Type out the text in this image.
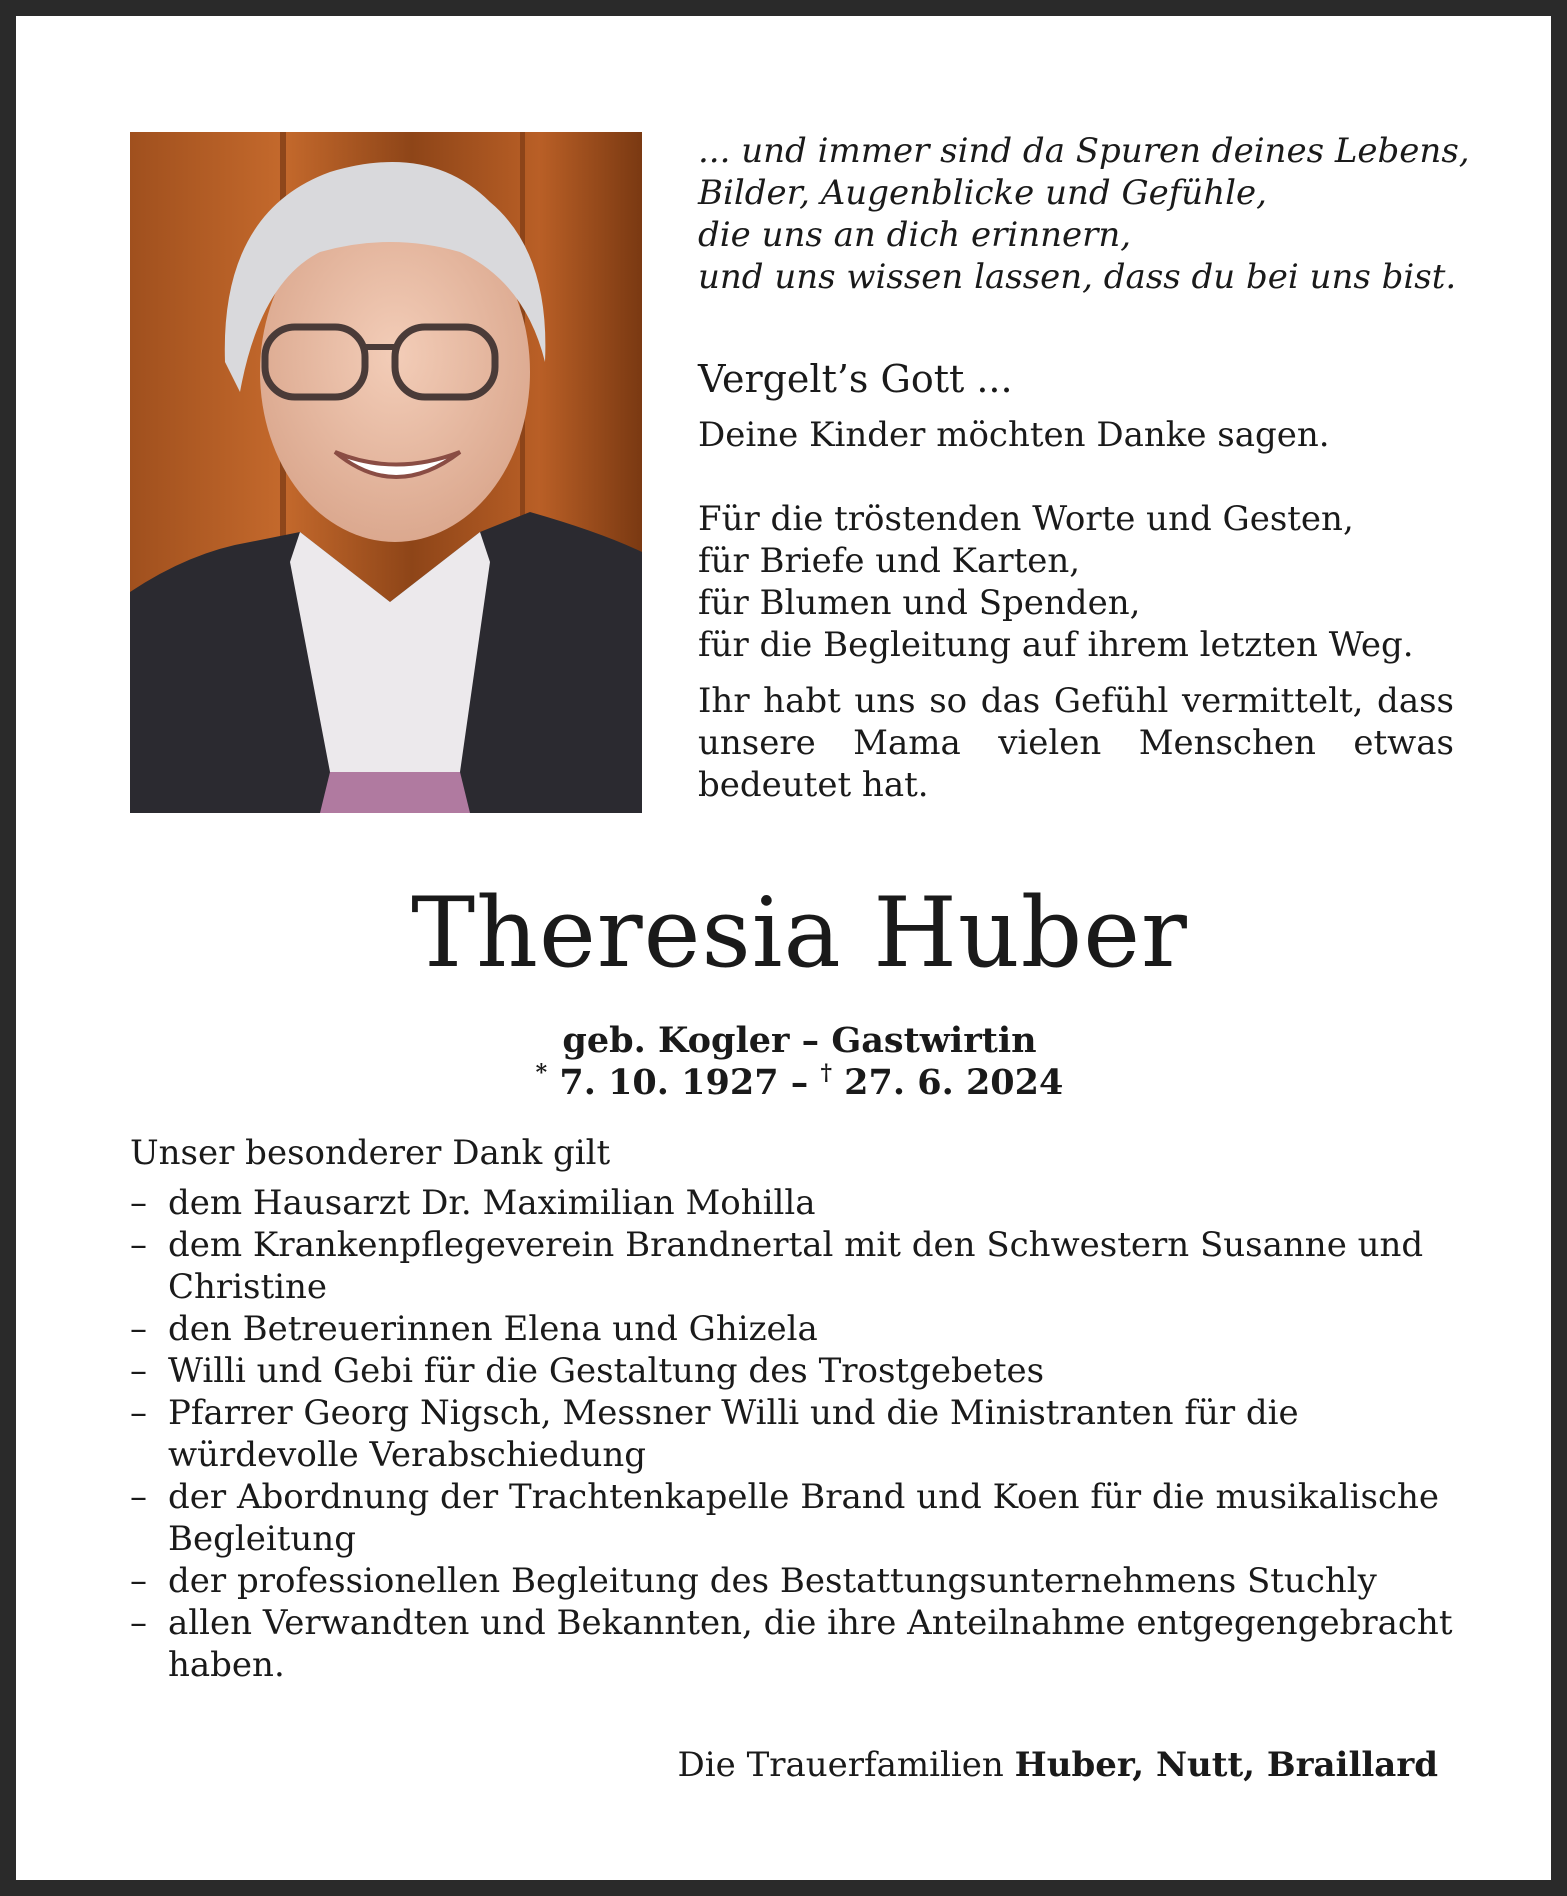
... und immer sind da Spuren deines Lebens,
Bilder, Augenblicke und Gefühle,
die uns an dich erinnern,
und uns wissen lassen, dass du bei uns bist.
Vergelt’s Gott ...
Deine Kinder möchten Danke sagen.
Für die tröstenden Worte und Gesten,
für Briefe und Karten,
für Blumen und Spenden,
für die Begleitung auf ihrem letzten Weg.
Ihr habt uns so das Gefühl vermittelt, dass unsere Mama vielen Menschen etwas bedeutet hat.
Theresia Huber
geb. Kogler – Gastwirtin
* 7. 10. 1927 – † 27. 6. 2024
Unser besonderer Dank gilt
– dem Hausarzt Dr. Maximilian Mohilla
– dem Krankenpflegeverein Brandnertal mit den Schwestern Susanne und Christine
– den Betreuerinnen Elena und Ghizela
– Willi und Gebi für die Gestaltung des Trostgebetes
– Pfarrer Georg Nigsch, Messner Willi und die Ministranten für die würdevolle Verabschiedung
– der Abordnung der Trachtenkapelle Brand und Koen für die musikalische Begleitung
– der professionellen Begleitung des Bestattungsunternehmens Stuchly
– allen Verwandten und Bekannten, die ihre Anteilnahme entgegengebracht haben.
Die Trauerfamilien Huber, Nutt, Braillard
